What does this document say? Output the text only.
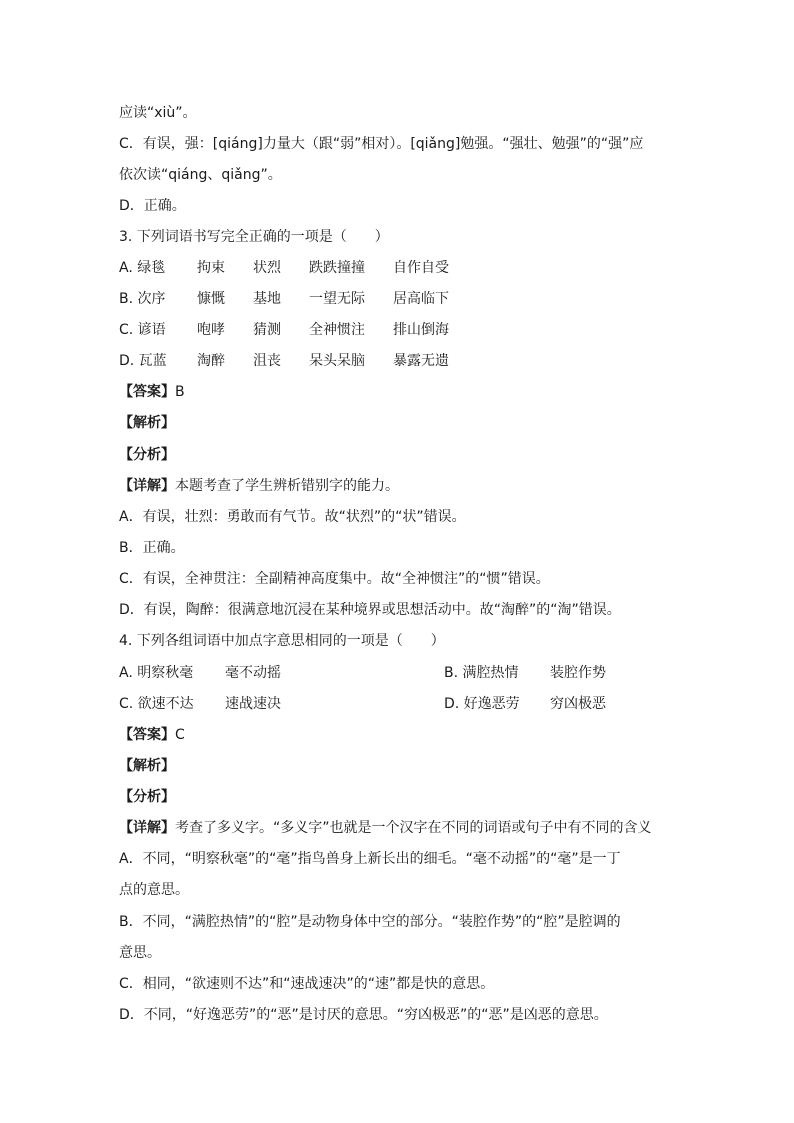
应读“xiù”。
C．有误，强：[qiáng]力量大（跟“弱”相对）。[qiǎng]勉强。“强壮、勉强”的“强”应
依次读“qiáng、qiǎng”。
D．正确。
3. 下列词语书写完全正确的一项是（　　）
A. 绿毯 拘束 状烈 跌跌撞撞 自作自受
B. 次序 慷慨 基地 一望无际 居高临下
C. 谚语 咆哮 猜测 全神惯注 排山倒海
D. 瓦蓝 淘醉 沮丧 呆头呆脑 暴露无遗
【答案】B
【解析】
【分析】
【详解】本题考查了学生辨析错别字的能力。
A．有误，壮烈：勇敢而有气节。故“状烈”的“状”错误。
B．正确。
C．有误，全神贯注：全副精神高度集中。故“全神惯注”的“惯”错误。
D．有误，陶醉：很满意地沉浸在某种境界或思想活动中。故“淘醉”的“淘”错误。
4. 下列各组词语中加点字意思相同的一项是（　　）
A. 明察秋毫 毫不动摇	B. 满腔热情 装腔作势
C. 欲速不达 速战速决	D. 好逸恶劳 穷凶极恶
【答案】C
【解析】
【分析】
【详解】考查了多义字。“多义字”也就是一个汉字在不同的词语或句子中有不同的含义
A．不同，“明察秋毫”的“毫”指鸟兽身上新长出的细毛。“毫不动摇”的“毫”是一丁
点的意思。
B．不同，“满腔热情”的“腔”是动物身体中空的部分。“装腔作势”的“腔”是腔调的
意思。
C．相同，“欲速则不达”和“速战速决”的“速”都是快的意思。
D．不同，“好逸恶劳”的“恶”是讨厌的意思。“穷凶极恶”的“恶”是凶恶的意思。
